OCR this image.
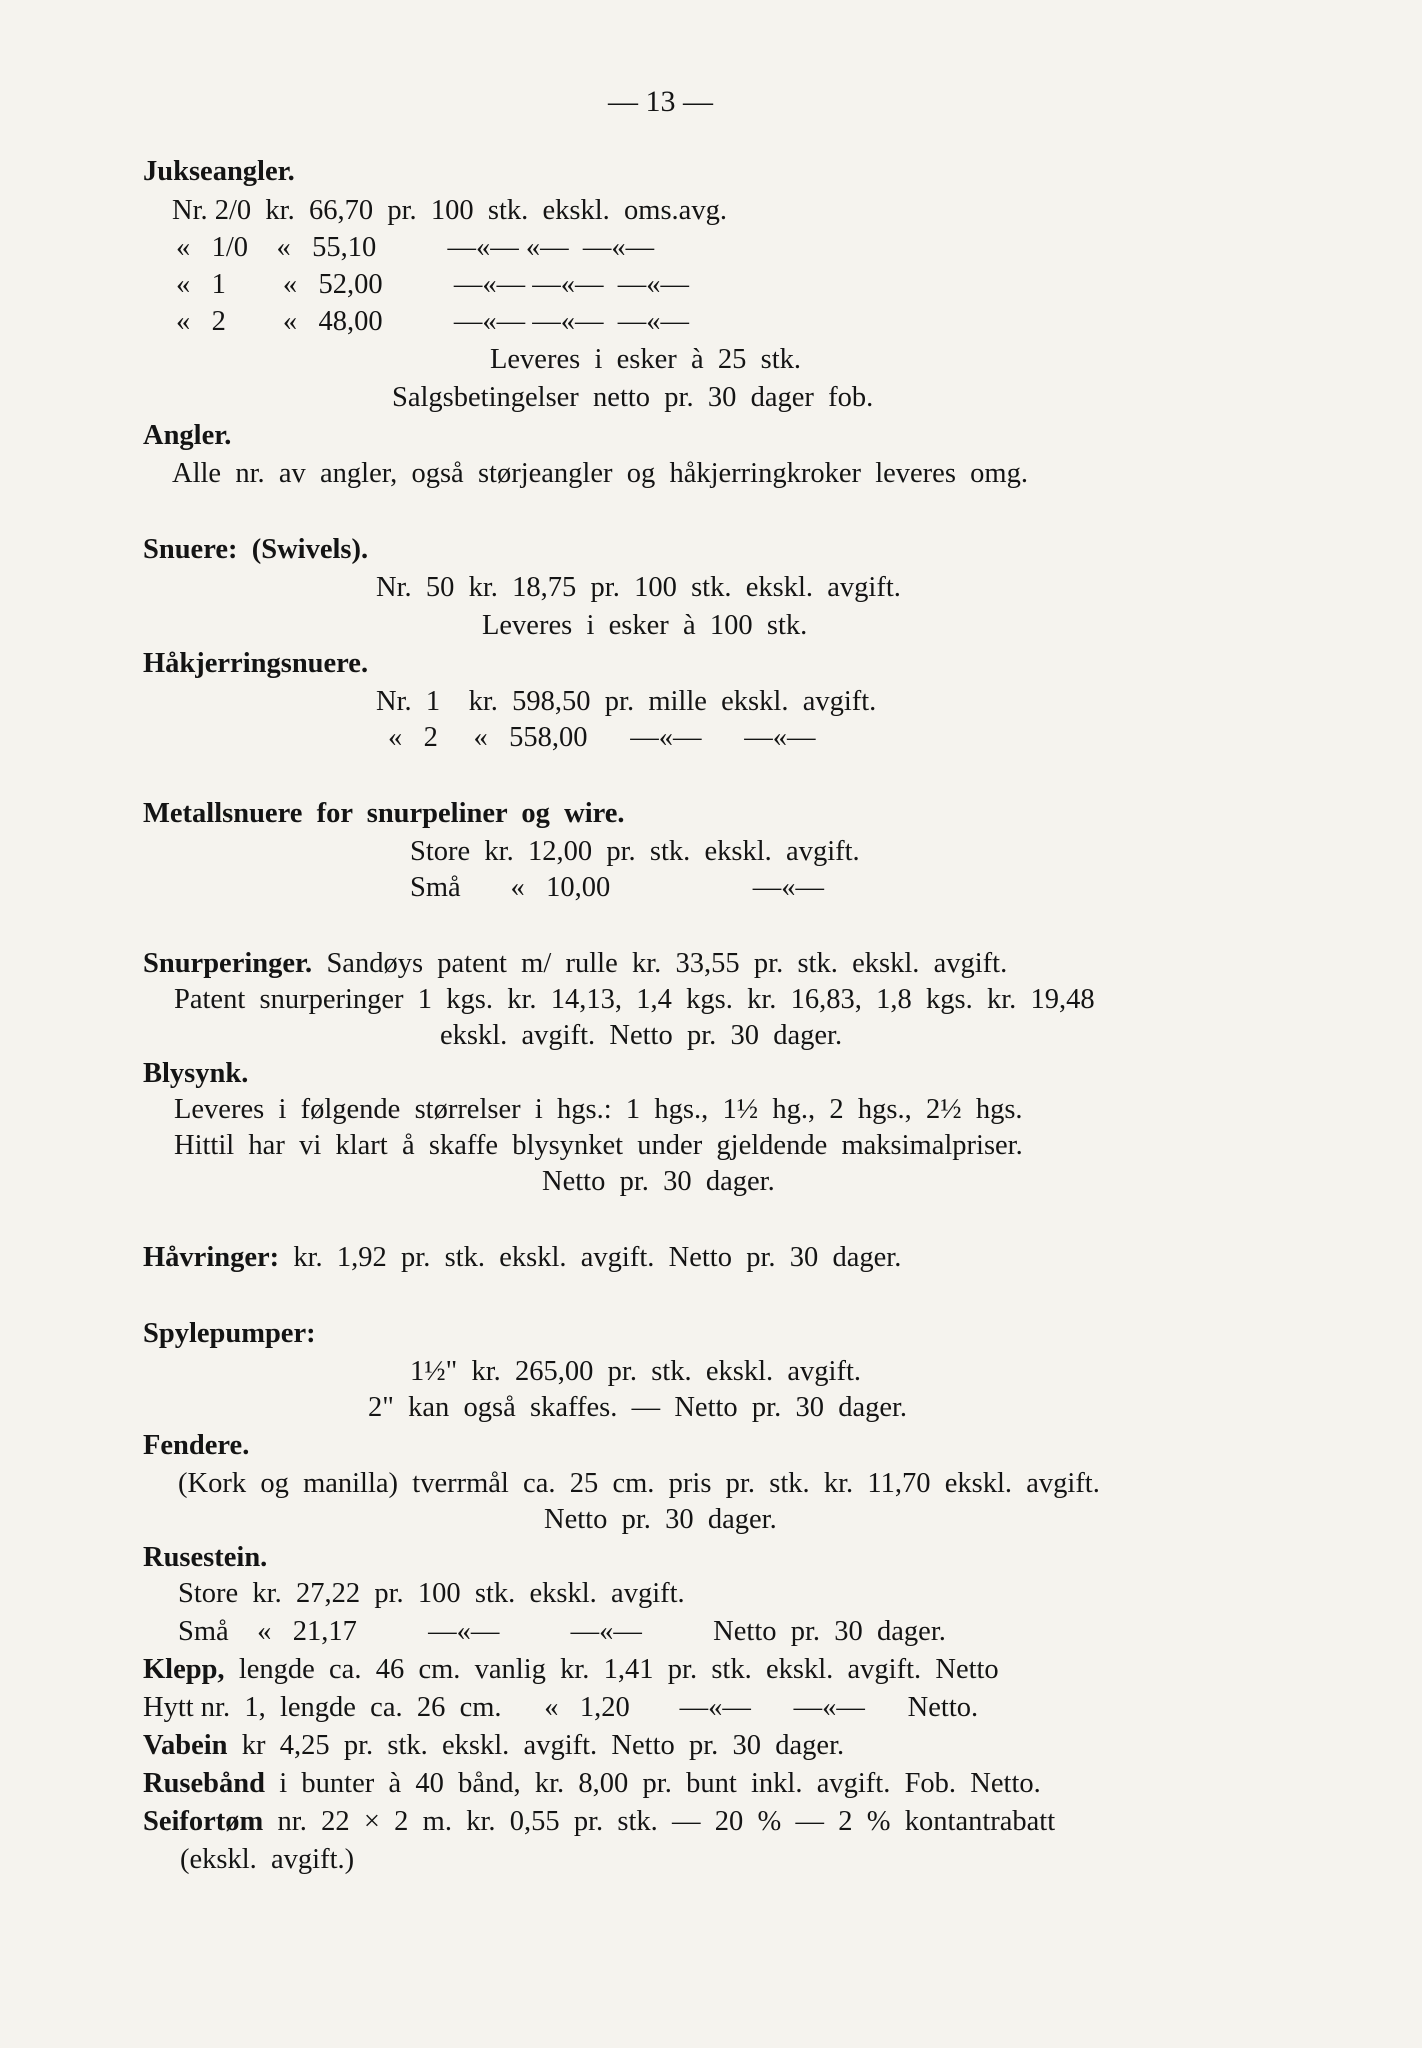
— 13 —
Jukseangler.
Nr. 2/0  kr.  66,70  pr.  100  stk.  ekskl.  oms.avg.
«   1/0    «   55,10          —«— «—  —«—
«   1        «   52,00          —«— —«—  —«—
«   2        «   48,00          —«— —«—  —«—
Leveres  i  esker  à  25  stk.
Salgsbetingelser  netto  pr.  30  dager  fob.
Angler.
Alle  nr.  av  angler,  også  størjeangler  og  håkjerringkroker  leveres  omg.
Snuere:  (Swivels).
Nr.  50  kr.  18,75  pr.  100  stk.  ekskl.  avgift.
Leveres  i  esker  à  100  stk.
Håkjerringsnuere.
Nr.  1    kr.  598,50  pr.  mille  ekskl.  avgift.
«   2     «   558,00      —«—      —«—
Metallsnuere  for  snurpeliner  og  wire.
Store  kr.  12,00  pr.  stk.  ekskl.  avgift.
Små       «   10,00                    —«—
Snurperinger.  Sandøys  patent  m/  rulle  kr.  33,55  pr.  stk.  ekskl.  avgift.
Patent  snurperinger  1  kgs.  kr.  14,13,  1,4  kgs.  kr.  16,83,  1,8  kgs.  kr.  19,48
ekskl.  avgift.  Netto  pr.  30  dager.
Blysynk.
Leveres  i  følgende  størrelser  i  hgs.:  1  hgs.,  1½  hg.,  2  hgs.,  2½  hgs.
Hittil  har  vi  klart  å  skaffe  blysynket  under  gjeldende  maksimalpriser.
Netto  pr.  30  dager.
Håvringer:  kr.  1,92  pr.  stk.  ekskl.  avgift.  Netto  pr.  30  dager.
Spylepumper:
1½"  kr.  265,00  pr.  stk.  ekskl.  avgift.
2"  kan  også  skaffes.  —  Netto  pr.  30  dager.
Fendere.
(Kork  og  manilla)  tverrmål  ca.  25  cm.  pris  pr.  stk.  kr.  11,70  ekskl.  avgift.
Netto  pr.  30  dager.
Rusestein.
Store  kr.  27,22  pr.  100  stk.  ekskl.  avgift.
Små    «   21,17          —«—          —«—          Netto  pr.  30  dager.
Klepp,  lengde  ca.  46  cm.  vanlig  kr.  1,41  pr.  stk.  ekskl.  avgift.  Netto
Hytt nr.  1,  lengde  ca.  26  cm.      «   1,20       —«—      —«—      Netto.
Vabein  kr  4,25  pr.  stk.  ekskl.  avgift.  Netto  pr.  30  dager.
Rusebånd  i  bunter  à  40  bånd,  kr.  8,00  pr.  bunt  inkl.  avgift.  Fob.  Netto.
Seifortøm  nr.  22  ×  2  m.  kr.  0,55  pr.  stk.  —  20  %  —  2  %  kontantrabatt
(ekskl.  avgift.)
